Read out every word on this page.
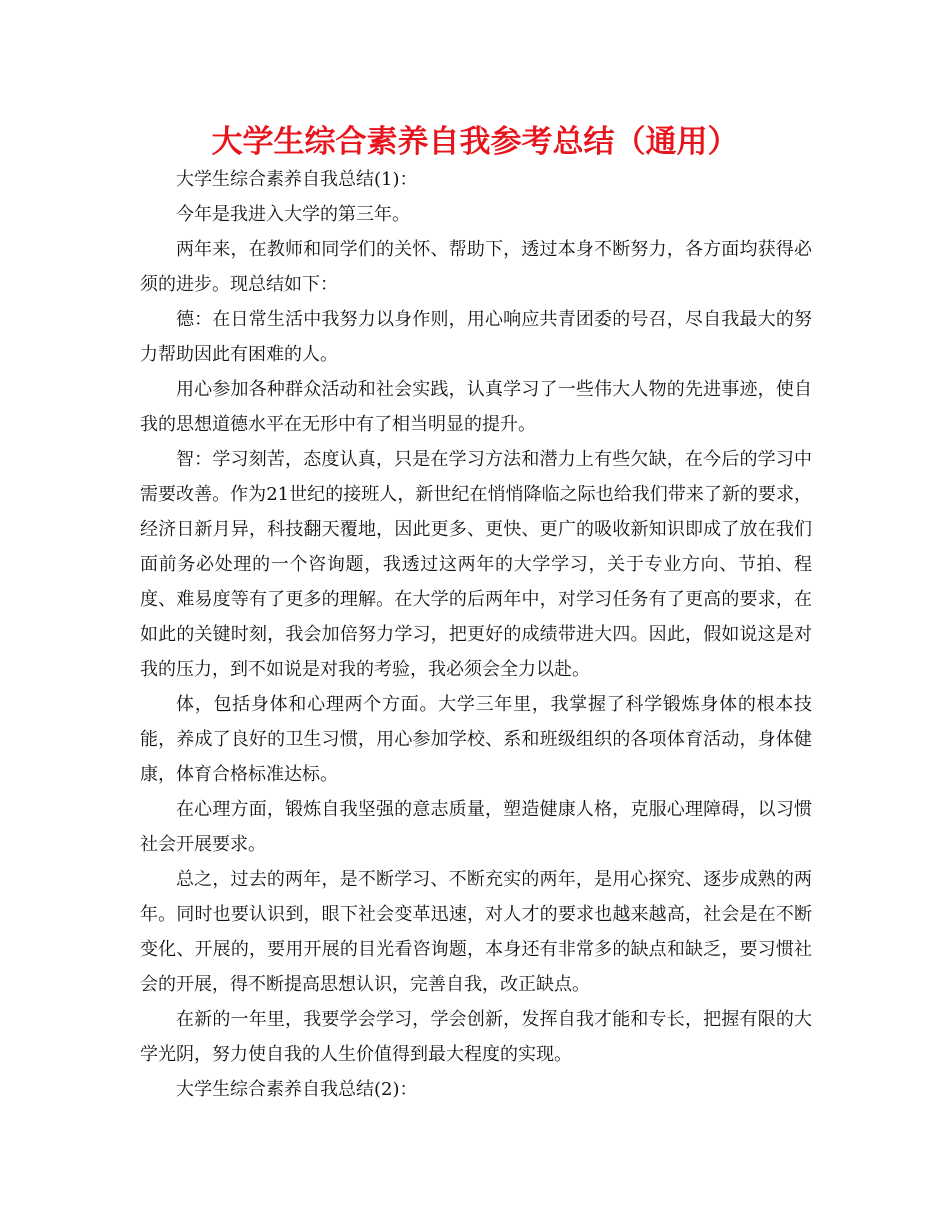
大学生综合素养自我参考总结（通用）

大学生综合素养自我总结(1)：

今年是我进入大学的第三年。

两年来，在教师和同学们的关怀、帮助下，透过本身不断努力，各方面均获得必须的进步。现总结如下：

德：在日常生活中我努力以身作则，用心响应共青团委的号召，尽自我最大的努力帮助因此有困难的人。

用心参加各种群众活动和社会实践，认真学习了一些伟大人物的先进事迹，使自我的思想道德水平在无形中有了相当明显的提升。

智：学习刻苦，态度认真，只是在学习方法和潜力上有些欠缺，在今后的学习中需要改善。作为21世纪的接班人，新世纪在悄悄降临之际也给我们带来了新的要求，经济日新月异，科技翻天覆地，因此更多、更快、更广的吸收新知识即成了放在我们面前务必处理的一个咨询题，我透过这两年的大学学习，关于专业方向、节拍、程度、难易度等有了更多的理解。在大学的后两年中，对学习任务有了更高的要求，在如此的关键时刻，我会加倍努力学习，把更好的成绩带进大四。因此，假如说这是对我的压力，到不如说是对我的考验，我必须会全力以赴。

体，包括身体和心理两个方面。大学三年里，我掌握了科学锻炼身体的根本技能，养成了良好的卫生习惯，用心参加学校、系和班级组织的各项体育活动，身体健康，体育合格标准达标。

在心理方面，锻炼自我坚强的意志质量，塑造健康人格，克服心理障碍，以习惯社会开展要求。

总之，过去的两年，是不断学习、不断充实的两年，是用心探究、逐步成熟的两年。同时也要认识到，眼下社会变革迅速，对人才的要求也越来越高，社会是在不断变化、开展的，要用开展的目光看咨询题，本身还有非常多的缺点和缺乏，要习惯社会的开展，得不断提高思想认识，完善自我，改正缺点。

在新的一年里，我要学会学习，学会创新，发挥自我才能和专长，把握有限的大学光阴，努力使自我的人生价值得到最大程度的实现。

大学生综合素养自我总结(2)：
